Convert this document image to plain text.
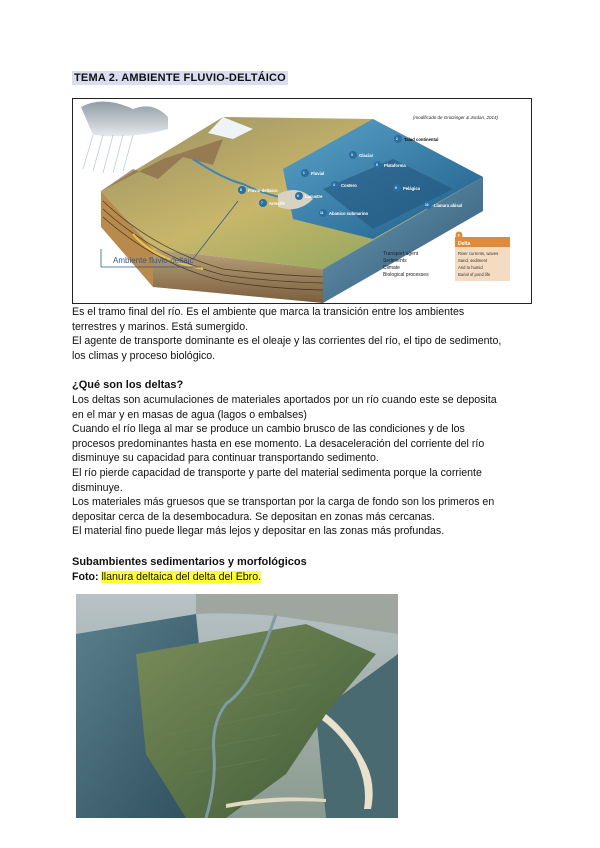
TEMA 2. AMBIENTE FLUVIO-DELTÁICO
(modificado de Grotzinger & Jordan, 2014)
Talud continental
Glaciar
Plataforma
Fluvial
Costero
Pelágico
Fluvio-deltaico
Lacustre
Arrecife
Abanico submarino
Llanura abisal
2
3
5
1
4
9
8
6
7
11
10
Ambiente fluvio-deltaic
Transport agent
Sediments
Climate
Biological processes
8
Delta
River currents, waves
Sand, sediment
Arid to humid
Burial of pond life
Es el tramo final del río. Es el ambiente que marca la transición entre los ambientes
terrestres y marinos. Está sumergido.
El agente de transporte dominante es el oleaje y las corrientes del río, el tipo de sedimento,
los climas y proceso biológico.
¿Qué son los deltas?
Los deltas son acumulaciones de materiales aportados por un río cuando este se deposita
en el mar y en masas de agua (lagos o embalses)
Cuando el río llega al mar se produce un cambio brusco de las condiciones y de los
procesos predominantes hasta en ese momento. La desaceleración del corriente del río
disminuye su capacidad para continuar transportando sedimento.
El río pierde capacidad de transporte y parte del material sedimenta porque la corriente
disminuye.
Los materiales más gruesos que se transportan por la carga de fondo son los primeros en
depositar cerca de la desembocadura. Se depositan en zonas más cercanas.
El material fino puede llegar más lejos y depositar en las zonas más profundas.
Subambientes sedimentarios y morfológicos
Foto: llanura deltaica del delta del Ebro.
